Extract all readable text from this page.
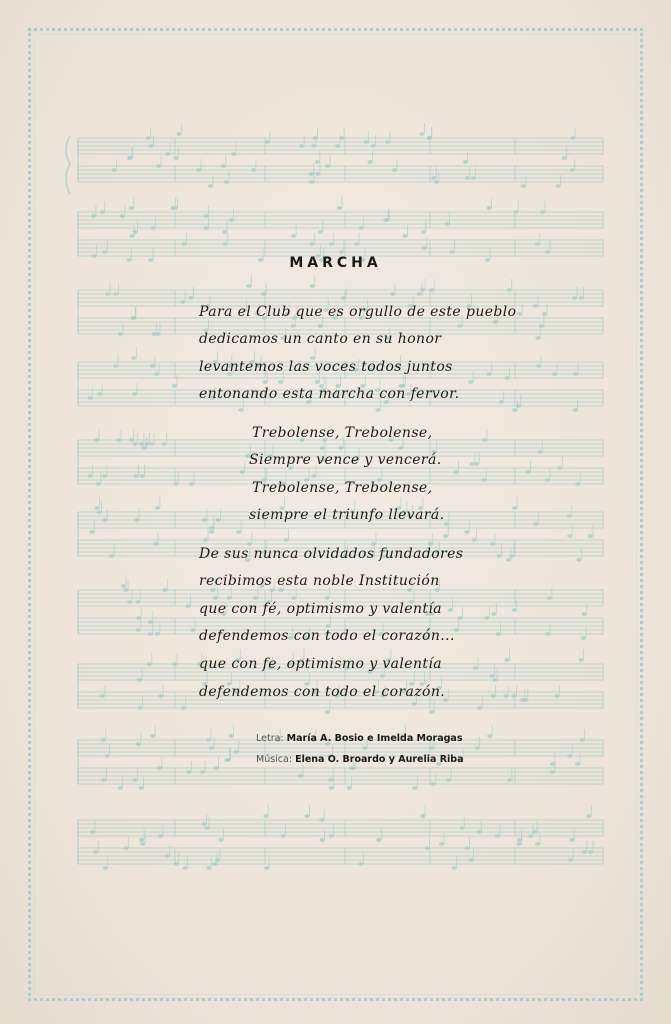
MARCHA
Para el Club que es orgullo de este pueblo
dedicamos un canto en su honor
levantemos las voces todos juntos
entonando esta marcha con fervor.
Trebolense, Trebolense,
Siempre vence y vencerá.
Trebolense, Trebolense,
siempre el triunfo llevará.
De sus nunca olvidados fundadores
recibimos esta noble Institución
que con fé, optimismo y valentía
defendemos con todo el corazón...
que con fe, optimismo y valentía
defendemos con todo el corazón.
Letra: María A. Bosio e Imelda Moragas
Música: Elena O. Broardo y Aurelia Riba
